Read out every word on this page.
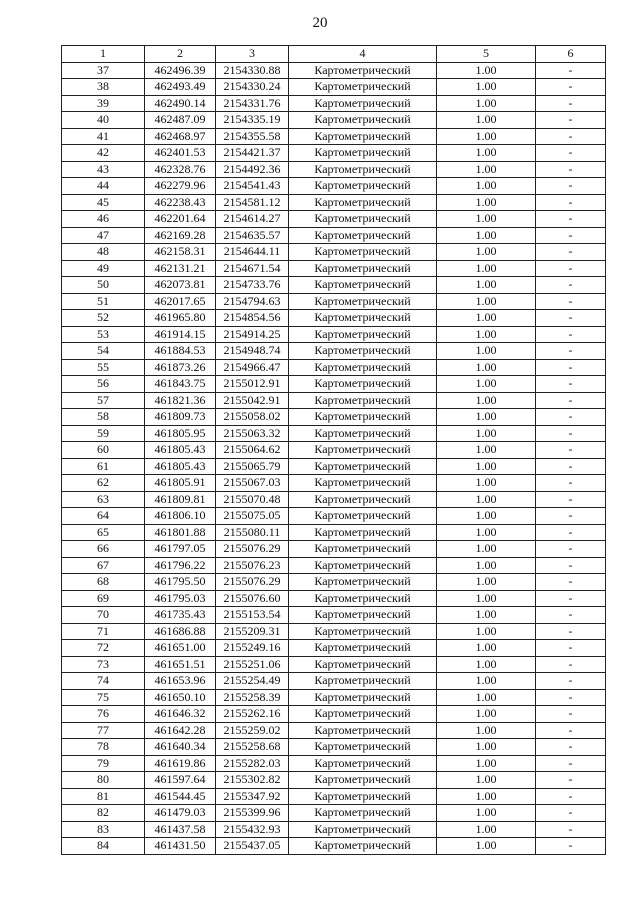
20
1	2	3	4	5	6
37	462496.39	2154330.88	Картометрический	1.00	-
38	462493.49	2154330.24	Картометрический	1.00	-
39	462490.14	2154331.76	Картометрический	1.00	-
40	462487.09	2154335.19	Картометрический	1.00	-
41	462468.97	2154355.58	Картометрический	1.00	-
42	462401.53	2154421.37	Картометрический	1.00	-
43	462328.76	2154492.36	Картометрический	1.00	-
44	462279.96	2154541.43	Картометрический	1.00	-
45	462238.43	2154581.12	Картометрический	1.00	-
46	462201.64	2154614.27	Картометрический	1.00	-
47	462169.28	2154635.57	Картометрический	1.00	-
48	462158.31	2154644.11	Картометрический	1.00	-
49	462131.21	2154671.54	Картометрический	1.00	-
50	462073.81	2154733.76	Картометрический	1.00	-
51	462017.65	2154794.63	Картометрический	1.00	-
52	461965.80	2154854.56	Картометрический	1.00	-
53	461914.15	2154914.25	Картометрический	1.00	-
54	461884.53	2154948.74	Картометрический	1.00	-
55	461873.26	2154966.47	Картометрический	1.00	-
56	461843.75	2155012.91	Картометрический	1.00	-
57	461821.36	2155042.91	Картометрический	1.00	-
58	461809.73	2155058.02	Картометрический	1.00	-
59	461805.95	2155063.32	Картометрический	1.00	-
60	461805.43	2155064.62	Картометрический	1.00	-
61	461805.43	2155065.79	Картометрический	1.00	-
62	461805.91	2155067.03	Картометрический	1.00	-
63	461809.81	2155070.48	Картометрический	1.00	-
64	461806.10	2155075.05	Картометрический	1.00	-
65	461801.88	2155080.11	Картометрический	1.00	-
66	461797.05	2155076.29	Картометрический	1.00	-
67	461796.22	2155076.23	Картометрический	1.00	-
68	461795.50	2155076.29	Картометрический	1.00	-
69	461795.03	2155076.60	Картометрический	1.00	-
70	461735.43	2155153.54	Картометрический	1.00	-
71	461686.88	2155209.31	Картометрический	1.00	-
72	461651.00	2155249.16	Картометрический	1.00	-
73	461651.51	2155251.06	Картометрический	1.00	-
74	461653.96	2155254.49	Картометрический	1.00	-
75	461650.10	2155258.39	Картометрический	1.00	-
76	461646.32	2155262.16	Картометрический	1.00	-
77	461642.28	2155259.02	Картометрический	1.00	-
78	461640.34	2155258.68	Картометрический	1.00	-
79	461619.86	2155282.03	Картометрический	1.00	-
80	461597.64	2155302.82	Картометрический	1.00	-
81	461544.45	2155347.92	Картометрический	1.00	-
82	461479.03	2155399.96	Картометрический	1.00	-
83	461437.58	2155432.93	Картометрический	1.00	-
84	461431.50	2155437.05	Картометрический	1.00	-
